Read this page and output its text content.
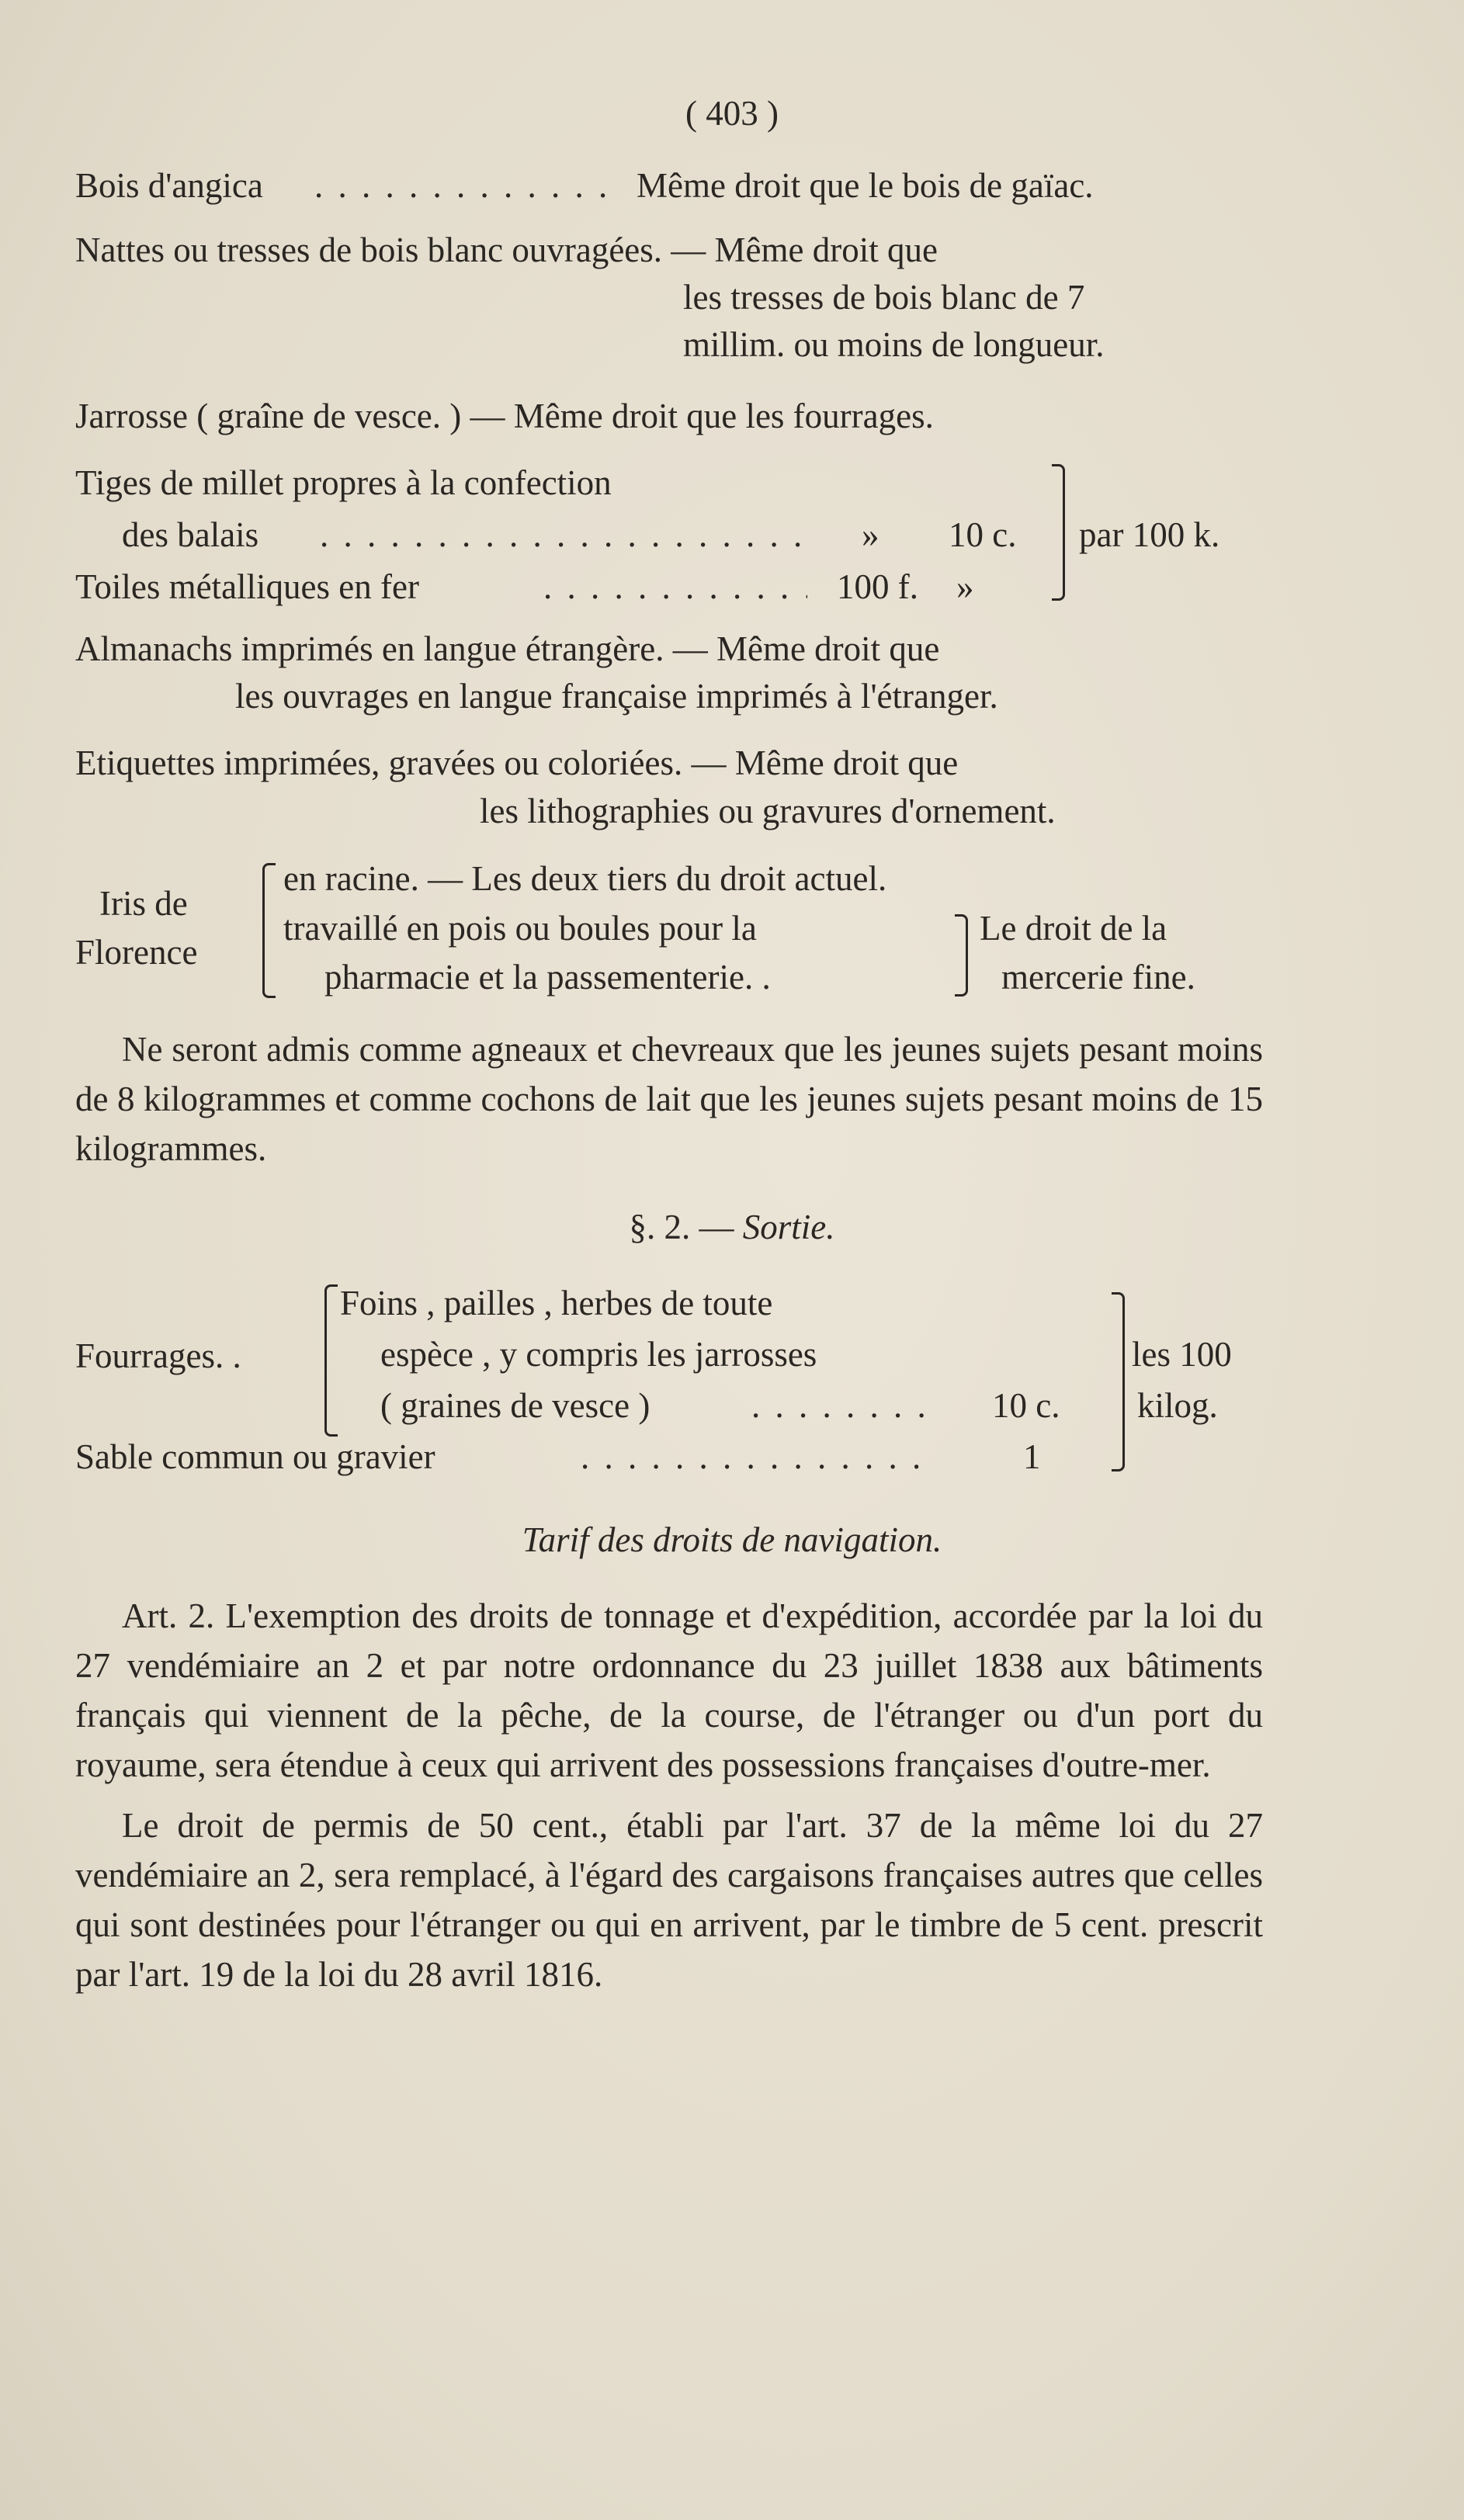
( 403 )
Bois d'angica . . .	Même droit que le bois de gaïac.
Nattes ou tresses de bois blanc ouvragées. — Même droit que
les tresses de bois blanc de 7
millim. ou moins de longueur.
Jarrosse ( graîne de vesce. ) — Même droit que les fourrages.
Tiges de millet propres à la confection
des balais . . .	» 10 c. par 100 k.
Toiles métalliques en fer . . .	100 f. »
Almanachs imprimés en langue étrangère. — Même droit que
les ouvrages en langue française imprimés à l'étranger.
Etiquettes imprimées, gravées ou coloriées. — Même droit que
les lithographies ou gravures d'ornement.
Iris de
Florence
en racine. — Les deux tiers du droit actuel.
travaillé en pois ou boules pour la
pharmacie et la passementerie. .
Le droit de la
mercerie fine.

Ne seront admis comme agneaux et chevreaux que les jeunes sujets pesant moins de 8 kilogrammes et comme cochons de lait que les jeunes sujets pesant moins de 15 kilogrammes.

§. 2. — Sortie.
Fourrages. .
Foins , pailles , herbes de toute
espèce , y compris les jarrosses
( graines de vesce ) . . .	10 c.
Sable commun ou gravier . . .	1
les 100
kilog.
Tarif des droits de navigation.

Art. 2. L'exemption des droits de tonnage et d'expédition, accordée par la loi du 27 vendémiaire an 2 et par notre ordonnance du 23 juillet 1838 aux bâtiments français qui viennent de la pêche, de la course, de l'étranger ou d'un port du royaume, sera étendue à ceux qui arrivent des possessions françaises d'outre-mer.

Le droit de permis de 50 cent., établi par l'art. 37 de la même loi du 27 vendémiaire an 2, sera remplacé, à l'égard des cargaisons françaises autres que celles qui sont destinées pour l'étranger ou qui en arrivent, par le timbre de 5 cent. prescrit par l'art. 19 de la loi du 28 avril 1816.
